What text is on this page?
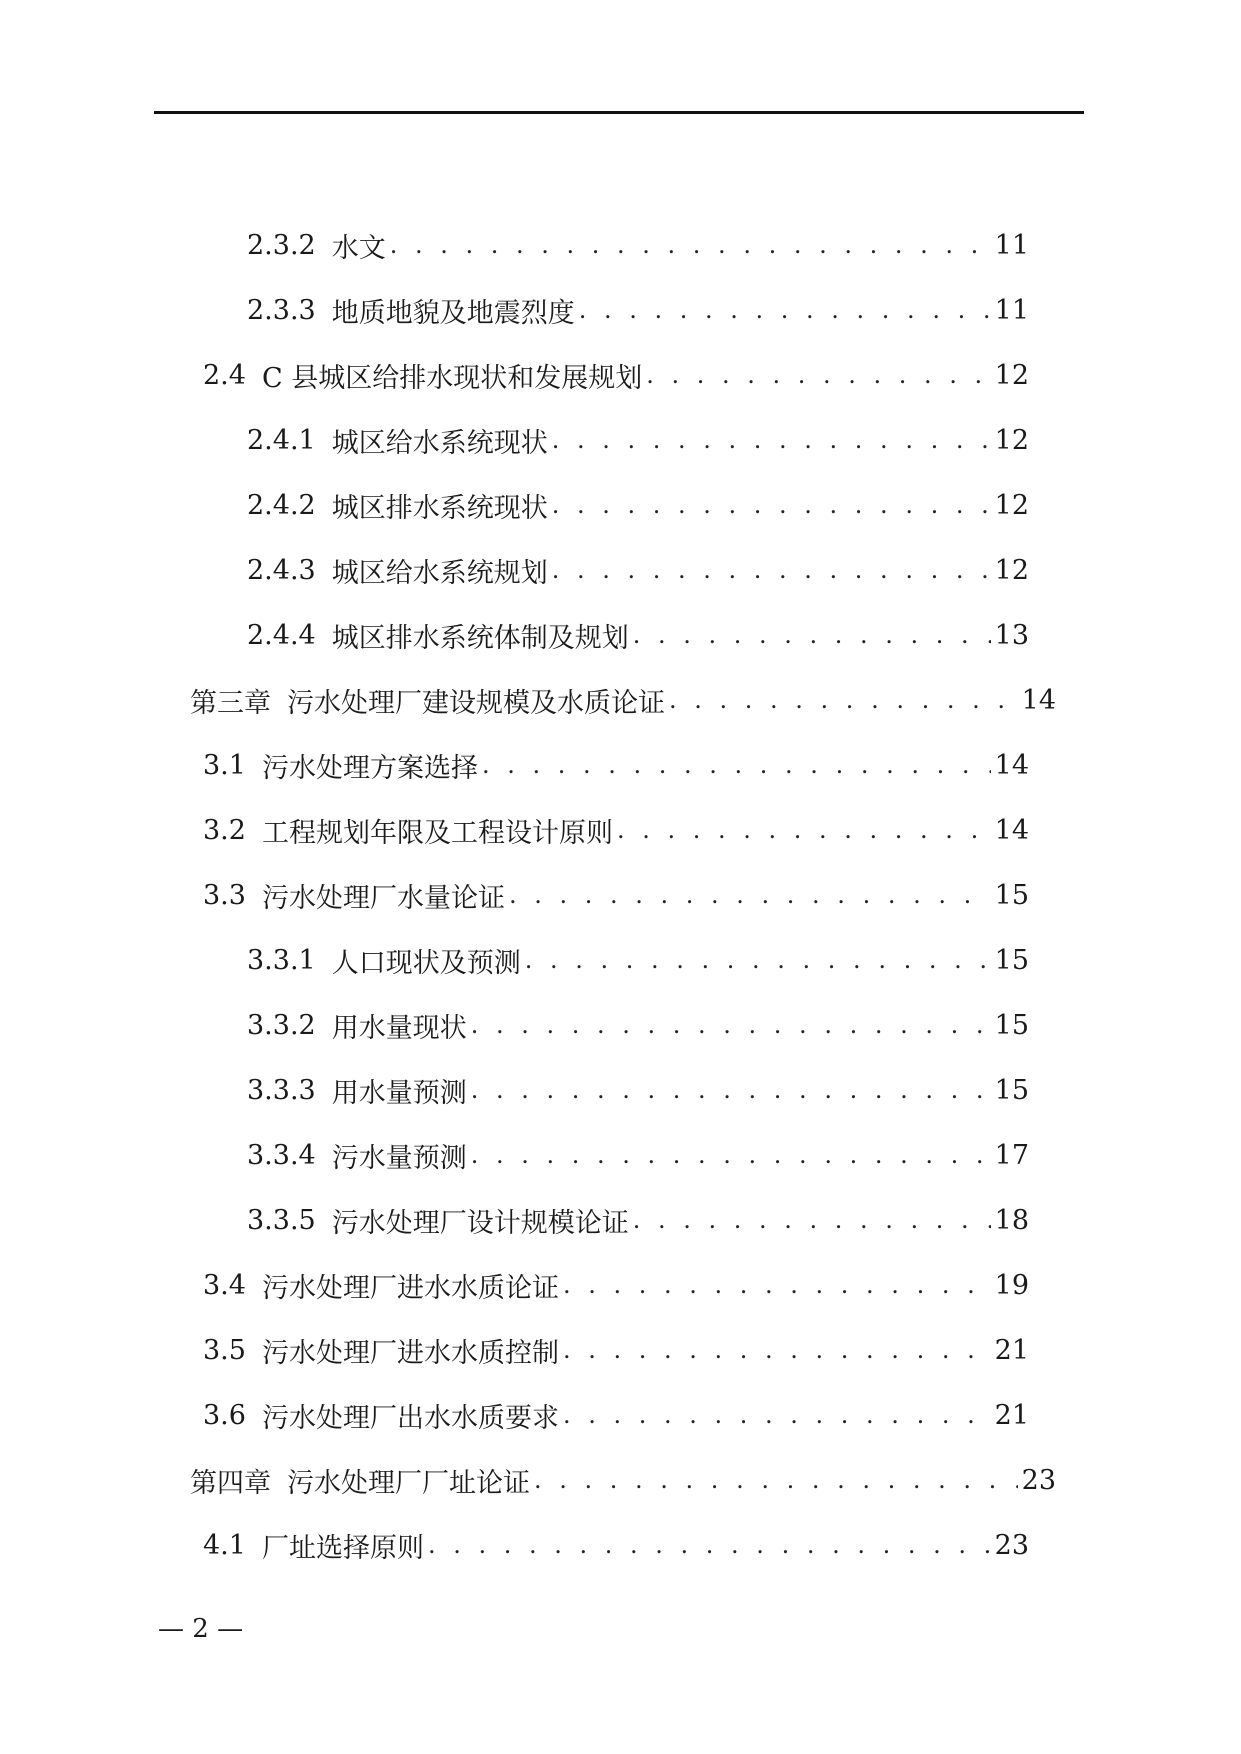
2.3.2 水文 . . .	11
2.3.3 地质地貌及地震烈度 . . .	11
2.4 C 县城区给排水现状和发展规划 . . .	12
2.4.1 城区给水系统现状 . . .	12
2.4.2 城区排水系统现状 . . .	12
2.4.3 城区给水系统规划 . . .	12
2.4.4 城区排水系统体制及规划 . . .	13
第三章 污水处理厂建设规模及水质论证 . . .	14
3.1 污水处理方案选择 . . .	14
3.2 工程规划年限及工程设计原则 . . .	14
3.3 污水处理厂水量论证 . . .	15
3.3.1 人口现状及预测 . . .	15
3.3.2 用水量现状 . . .	15
3.3.3 用水量预测 . . .	15
3.3.4 污水量预测 . . .	17
3.3.5 污水处理厂设计规模论证 . . .	18
3.4 污水处理厂进水水质论证 . . .	19
3.5 污水处理厂进水水质控制 . . .	21
3.6 污水处理厂出水水质要求 . . .	21
第四章 污水处理厂厂址论证 . . .	23
4.1 厂址选择原则 . . .	23
— 2 —
